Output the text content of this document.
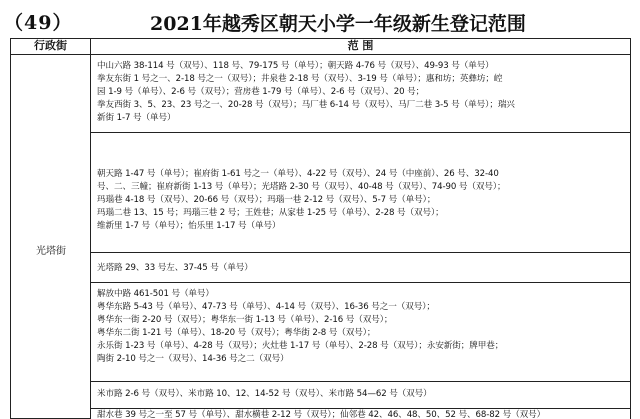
（49）	2021年越秀区朝天小学一年级新生登记范围
行政街	范 围
光塔街
中山六路 38-114 号（双号）、118 号、79-175 号（单号）；朝天路 4-76 号（双号）、49-93 号（单号）
拳友东街 1 号之一、2-18 号之一（双号）；井泉巷 2-18 号（双号）、3-19 号（单号）；惠和坊；英彝坊；崆
园 1-9 号（单号）、2-6 号（双号）；营房巷 1-79 号（单号）、2-6 号（双号）、20 号；
拳友西街 3、5、23、23 号之一、20-28 号（双号）；马厂巷 6-14 号（双号）、马厂二巷 3-5 号（单号）；瑞兴
新街 1-7 号（单号）
朝天路 1-47 号（单号）；崔府街 1-61 号之一（单号）、4-22 号（双号）、24 号（中座前）、26 号、32-40
号、二、三幢；崔府新街 1-13 号（单号）；光塔路 2-30 号（双号）、40-48 号（双号）、74-90 号（双号）；
玛瑙巷 4-18 号（双号）、20-66 号（双号）；玛瑙一巷 2-12 号（双号）、5-7 号（单号）；
玛瑙二巷 13、15 号；玛瑙三巷 2 号；王姓巷；从家巷 1-25 号（单号）、2-28 号（双号）；
维新里 1-7 号（单号）；怡乐里 1-17 号（单号）
光塔路 29、33 号左、37-45 号（单号）
解放中路 461-501 号（单号）
粤华东路 5-43 号（单号）、47-73 号（单号）、4-14 号（双号）、16-36 号之一（双号）；
粤华东一街 2-20 号（双号）；粤华东一街 1-13 号（单号）、2-16 号（双号）；
粤华东二街 1-21 号（单号）、18-20 号（双号）；粤华街 2-8 号（双号）；
永乐街 1-23 号（单号）、4-28 号（双号）；火灶巷 1-17 号（单号）、2-28 号（双号）；永安新街；牌甲巷；
陶街 2-10 号之一（双号）、14-36 号之二（双号）
米市路 2-6 号（双号）、米市路 10、12、14-52 号（双号）、米市路 54—62 号（双号）
甜水巷 39 号之一至 57 号（单号）、甜水横巷 2-12 号（双号）；仙邻巷 42、46、48、50、52 号、68-82 号（双号）
